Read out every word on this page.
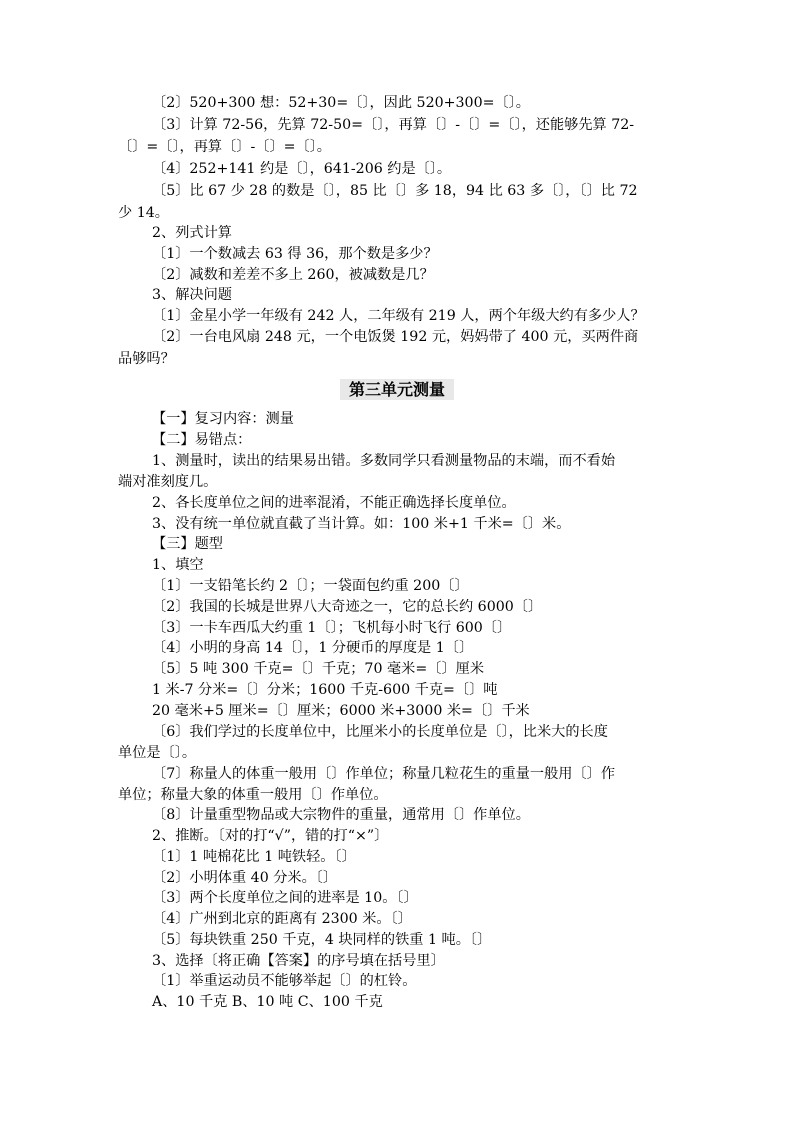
〔2〕520+300 想：52+30=〔〕，因此 520+300=〔〕。
〔3〕计算 72-56，先算 72-50=〔〕，再算〔〕-〔〕=〔〕，还能够先算 72-
〔〕=〔〕，再算〔〕-〔〕=〔〕。
〔4〕252+141 约是〔〕，641-206 约是〔〕。
〔5〕比 67 少 28 的数是〔〕，85 比〔〕多 18，94 比 63 多〔〕，〔〕比 72
少 14。
2、列式计算
〔1〕一个数减去 63 得 36，那个数是多少？
〔2〕减数和差差不多上 260，被减数是几？
3、解决问题
〔1〕金星小学一年级有 242 人，二年级有 219 人，两个年级大约有多少人？
〔2〕一台电风扇 248 元，一个电饭煲 192 元，妈妈带了 400 元，买两件商
品够吗？
第三单元测量
【一】复习内容：测量
【二】易错点：
1、测量时，读出的结果易出错。多数同学只看测量物品的末端，而不看始
端对准刻度几。
2、各长度单位之间的进率混淆，不能正确选择长度单位。
3、没有统一单位就直截了当计算。如：100 米+1 千米=〔〕米。
【三】题型
1、填空
〔1〕一支铅笔长约 2〔〕；一袋面包约重 200〔〕
〔2〕我国的长城是世界八大奇迹之一，它的总长约 6000〔〕
〔3〕一卡车西瓜大约重 1〔〕；飞机每小时飞行 600〔〕
〔4〕小明的身高 14〔〕，1 分硬币的厚度是 1〔〕
〔5〕5 吨 300 千克=〔〕千克；70 毫米=〔〕厘米
1 米-7 分米=〔〕分米；1600 千克-600 千克=〔〕吨
20 毫米+5 厘米=〔〕厘米；6000 米+3000 米=〔〕千米
〔6〕我们学过的长度单位中，比厘米小的长度单位是〔〕，比米大的长度
单位是〔〕。
〔7〕称量人的体重一般用〔〕作单位；称量几粒花生的重量一般用〔〕作
单位；称量大象的体重一般用〔〕作单位。
〔8〕计量重型物品或大宗物件的重量，通常用〔〕作单位。
2、推断。〔对的打“√”，错的打“×”〕
〔1〕1 吨棉花比 1 吨铁轻。〔〕
〔2〕小明体重 40 分米。〔〕
〔3〕两个长度单位之间的进率是 10。〔〕
〔4〕广州到北京的距离有 2300 米。〔〕
〔5〕每块铁重 250 千克，4 块同样的铁重 1 吨。〔〕
3、选择〔将正确【答案】的序号填在括号里〕
〔1〕举重运动员不能够举起〔〕的杠铃。
A、10 千克 B、10 吨 C、100 千克
